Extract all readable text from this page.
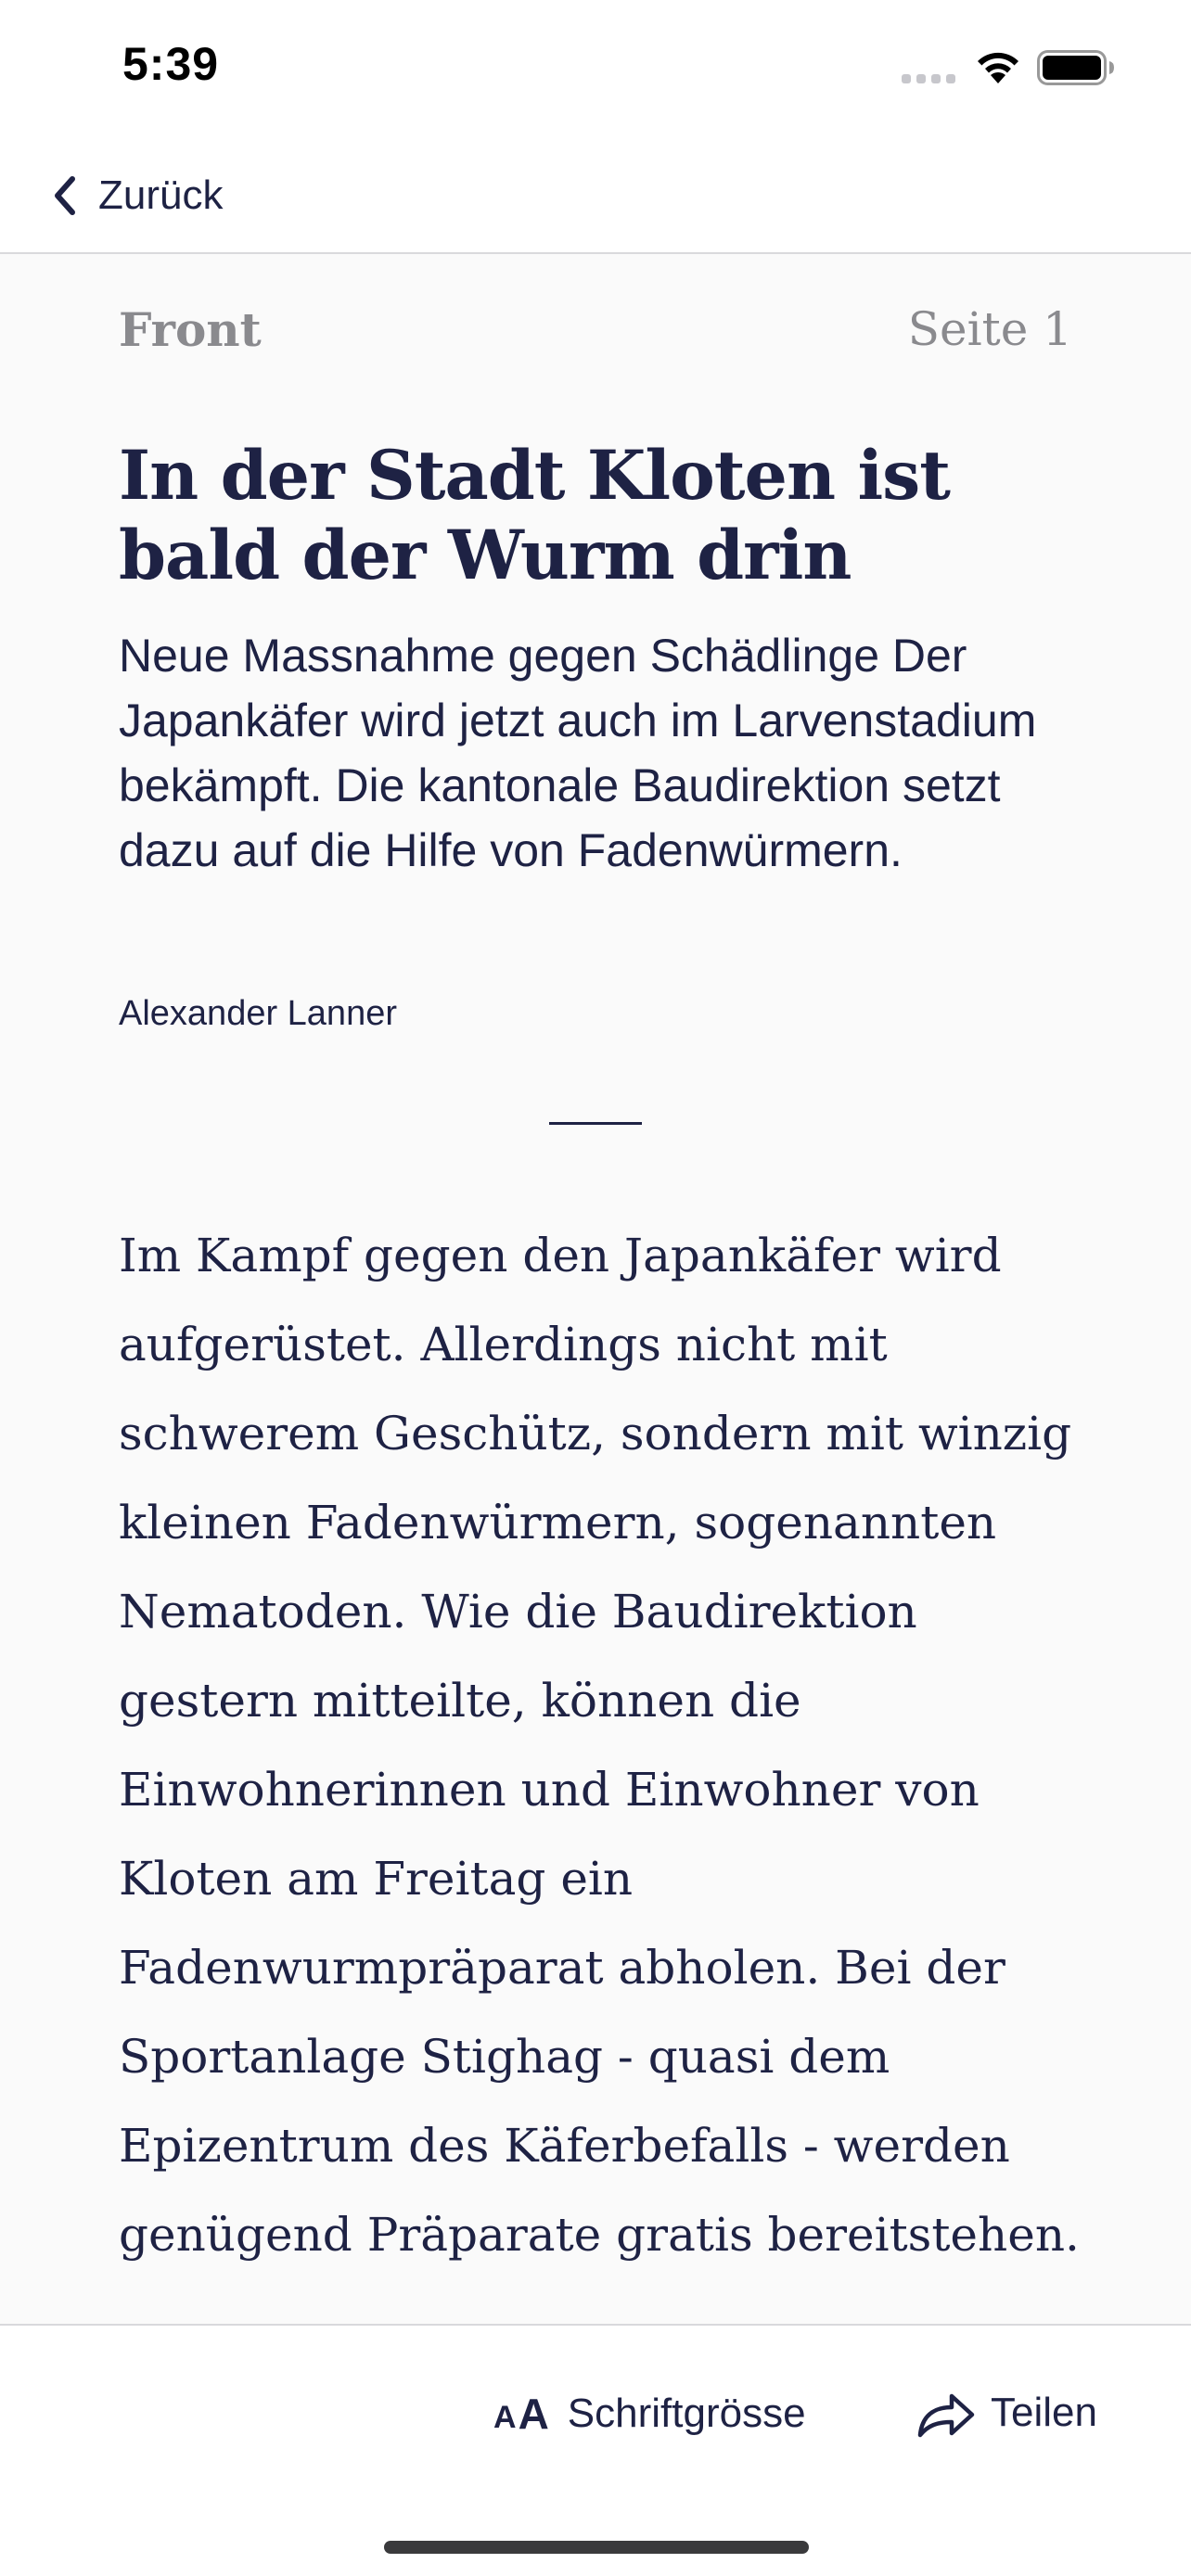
5:39
Zurück
Front	Seite 1
In der Stadt Kloten ist bald der Wurm drin

Neue Massnahme gegen Schädlinge Der Japankäfer wird jetzt auch im Larvenstadium bekämpft. Die kantonale Baudirektion setzt dazu auf die Hilfe von Fadenwürmern.

Alexander Lanner

Im Kampf gegen den Japankäfer wird aufgerüstet. Allerdings nicht mit schwerem Geschütz, sondern mit winzig kleinen Fadenwürmern, sogenannten Nematoden. Wie die Baudirektion gestern mitteilte, können die Einwohnerinnen und Einwohner von Kloten am Freitag ein Fadenwurmpräparat abholen. Bei der Sportanlage Stighag - quasi dem Epizentrum des Käferbefalls - werden genügend Präparate gratis bereitstehen.

A A Schriftgrösse	Teilen
